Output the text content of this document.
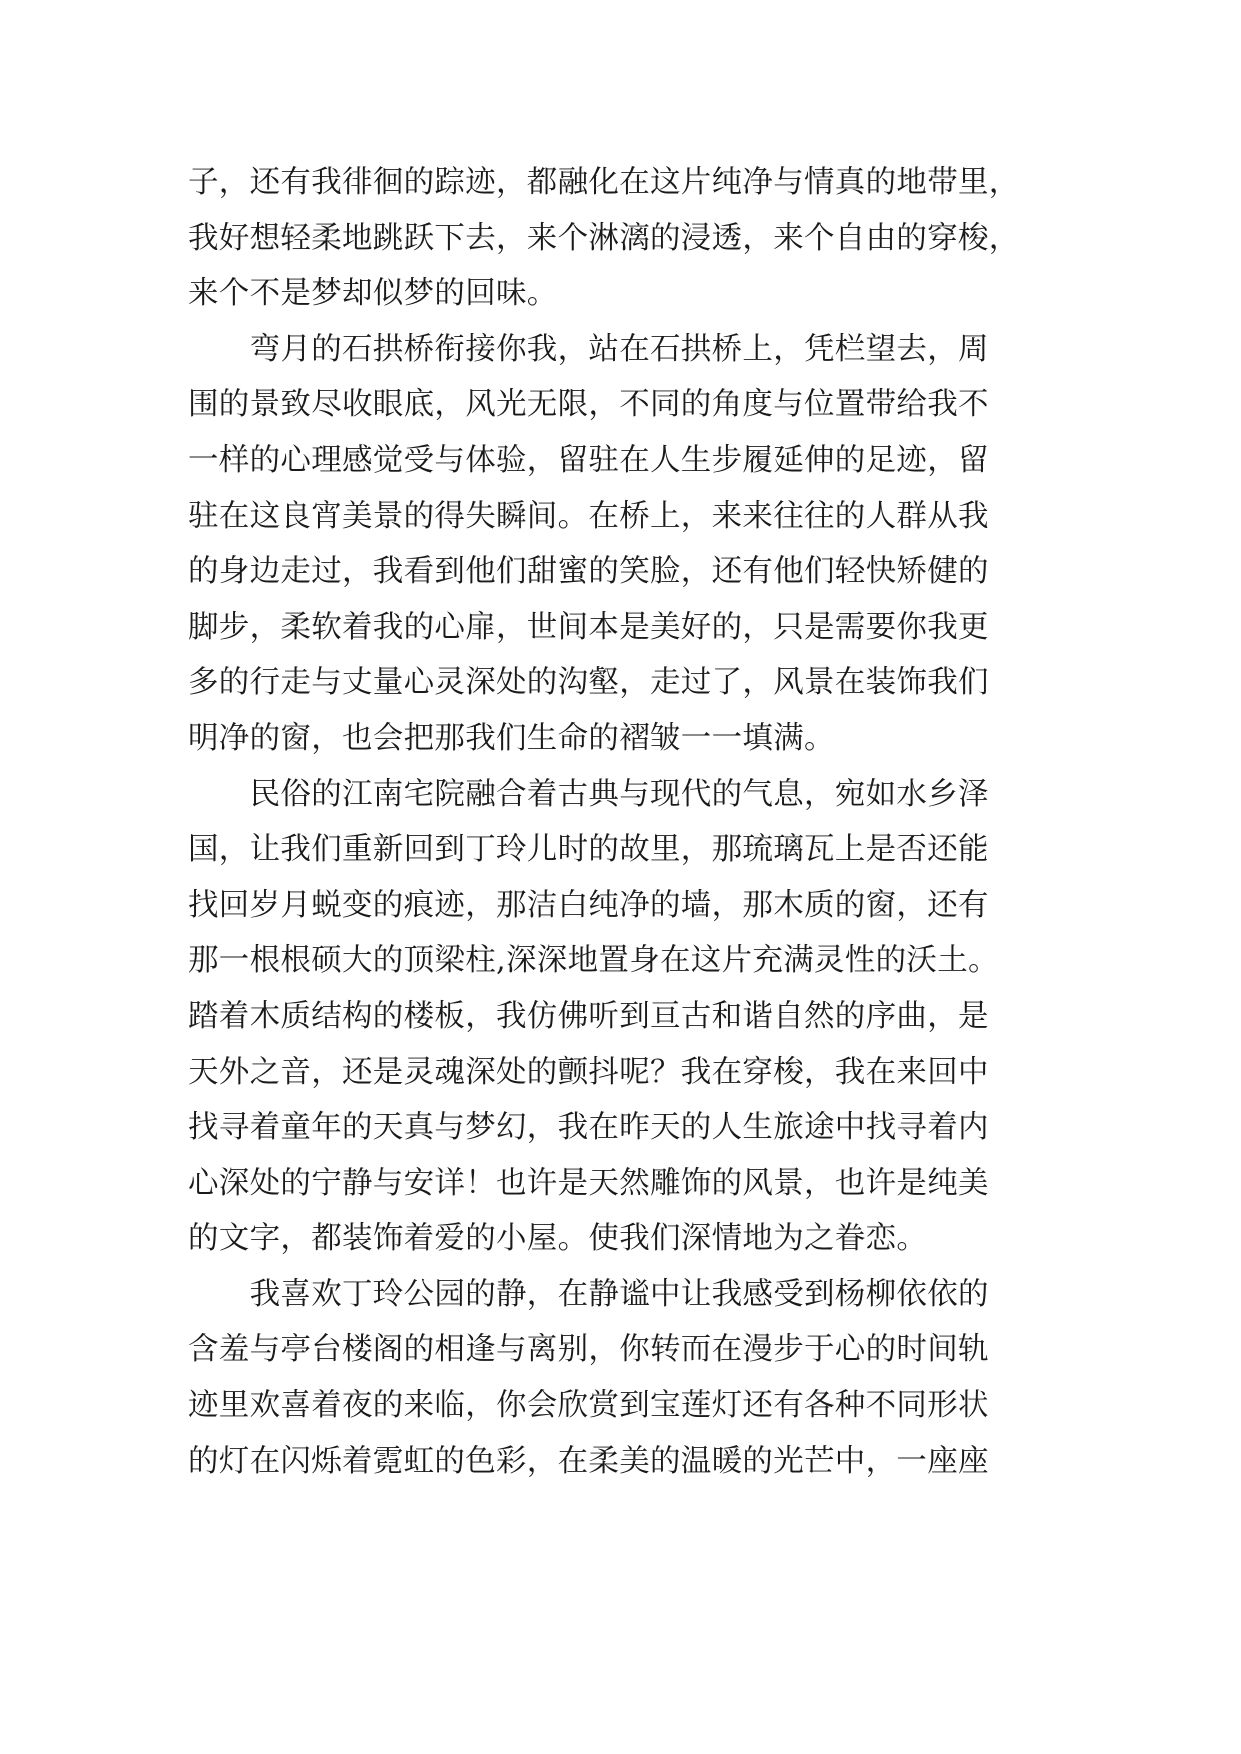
子，还有我徘徊的踪迹，都融化在这片纯净与情真的地带里，
我好想轻柔地跳跃下去，来个淋漓的浸透，来个自由的穿梭，
来个不是梦却似梦的回味。
　　弯月的石拱桥衔接你我，站在石拱桥上，凭栏望去，周
围的景致尽收眼底，风光无限，不同的角度与位置带给我不
一样的心理感觉受与体验，留驻在人生步履延伸的足迹，留
驻在这良宵美景的得失瞬间。在桥上，来来往往的人群从我
的身边走过，我看到他们甜蜜的笑脸，还有他们轻快矫健的
脚步，柔软着我的心扉，世间本是美好的，只是需要你我更
多的行走与丈量心灵深处的沟壑，走过了，风景在装饰我们
明净的窗，也会把那我们生命的褶皱一一填满。
　　民俗的江南宅院融合着古典与现代的气息，宛如水乡泽
国，让我们重新回到丁玲儿时的故里，那琉璃瓦上是否还能
找回岁月蜕变的痕迹，那洁白纯净的墙，那木质的窗，还有
那一根根硕大的顶梁柱,深深地置身在这片充满灵性的沃土。
踏着木质结构的楼板，我仿佛听到亘古和谐自然的序曲，是
天外之音，还是灵魂深处的颤抖呢？我在穿梭，我在来回中
找寻着童年的天真与梦幻，我在昨天的人生旅途中找寻着内
心深处的宁静与安详！也许是天然雕饰的风景，也许是纯美
的文字，都装饰着爱的小屋。使我们深情地为之眷恋。
　　我喜欢丁玲公园的静，在静谧中让我感受到杨柳依依的
含羞与亭台楼阁的相逢与离别，你转而在漫步于心的时间轨
迹里欢喜着夜的来临，你会欣赏到宝莲灯还有各种不同形状
的灯在闪烁着霓虹的色彩，在柔美的温暖的光芒中，一座座
